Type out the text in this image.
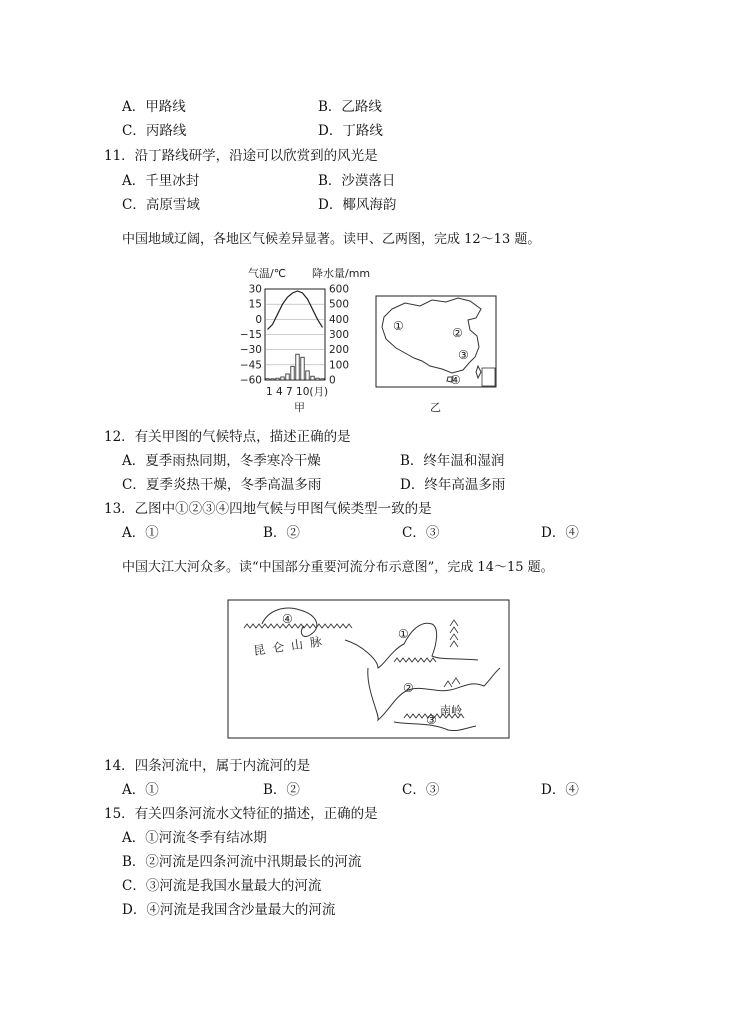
A．甲路线	B．乙路线
C．丙路线	D．丁路线
11．沿丁路线研学，沿途可以欣赏到的风光是
A．千里冰封	B．沙漠落日
C．高原雪域	D．椰风海韵
中国地域辽阔，各地区气候差异显著。读甲、乙两图，完成 12～13 题。
气温/℃ 降水量/mm
30
15
0
−15
−30
−45
−60
600
500
400
300
200
100
0
1 4 7 10(月)
甲
①	②
③
④
乙
12．有关甲图的气候特点，描述正确的是
A．夏季雨热同期，冬季寒冷干燥	B．终年温和湿润
C．夏季炎热干燥，冬季高温多雨	D．终年高温多雨
13．乙图中①②③④四地气候与甲图气候类型一致的是
A．①	B．②	C．③	D．④
中国大江大河众多。读“中国部分重要河流分布示意图”，完成 14～15 题。
④
①
②
③
昆仑山脉
南岭
14．四条河流中，属于内流河的是
A．①	B．②	C．③	D．④
15．有关四条河流水文特征的描述，正确的是
A．①河流冬季有结冰期
B．②河流是四条河流中汛期最长的河流
C．③河流是我国水量最大的河流
D．④河流是我国含沙量最大的河流
